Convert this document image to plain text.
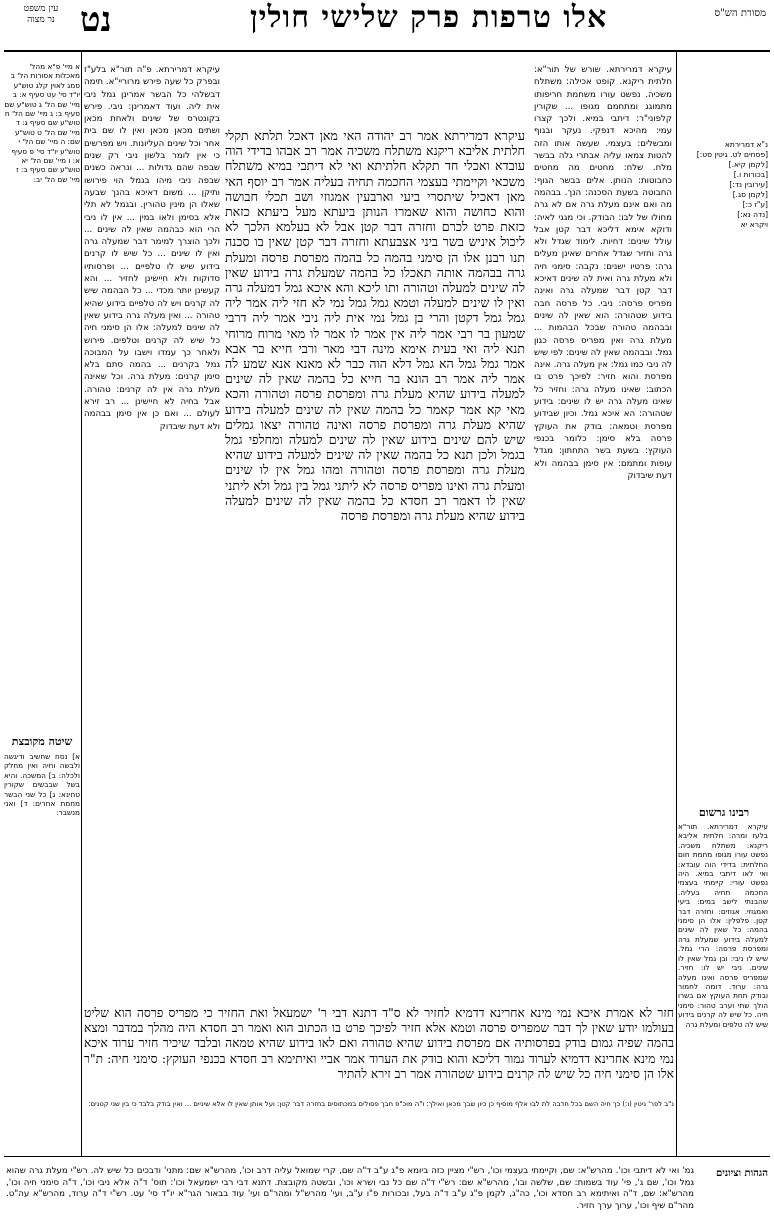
עין משפט
נר מצוה	נט	אלו טרפות פרק שלישי חולין	מסורת הש"ס
א מיי' פ"א מהל' מאכלות אסורות הל' ב סמג לאוין קלג טוש"ע יו"ד סי' עט סעיף א: ב מיי' שם הל' ג טוש"ע שם סעיף ב: ג מיי' שם הל' ח טוש"ע שם סעיף ג: ד מיי' שם הל' ט טוש"ע שם: ה מיי' שם הל' י טוש"ע יו"ד סי' פ סעיף א: ו מיי' שם הל' יא טוש"ע שם סעיף ב: ז מיי' שם הל' יב:
שיטה מקובצת
א] נסח שחשיב ודיגשה ולבשה וחיה ואין מחלק ולכלה: ב] המשכה. והיא בשל שבבשים שקורין טחינא: ג] כל שני הבשר מחמת אחרים: ד] ואני מנשבר:
עיקרא דמרירתא. פ"ה תור"א בלע"ז ובפרק כל שעה פירש מרוריי"א. תימה דבשלהי כל הבשר אמרינן גמל ניבי אית ליה. ועוד דאמרינן: ניבי. פירש בקונטרס של שינים ולאחת מכאן ושתים מכאן מכאן ואין לו שם בית אחר וכל שינים העליונות. ויש מפרשים כי אין לומר בלשון ניבי רק שנים שבפה שהם גדולות ... ונראה כשנים שבפה ניבי מיהו בגמל הוי פירושו ותיקן ... משום דאיכא בהנך שבעה שאלו הן מינין טהורין. ובגמל לא תלי אלא בסימן ולאו במין ... אין לו ניבי הרי הוא כבהמה שאין לה שינים ... ולכך הוצרך למימר דבר שמעלה גרה ואין לו שינים ... כל שיש לו קרנים בידוע שיש לו טלפיים ... ופרסותיו סדוקות ולא חיישינן לחזיר ... והא קעשינן יותר מכדי ... כל הבהמה שיש לה קרנים ויש לה טלפיים בידוע שהיא טהורה ... ואין מעלה גרה בידוע שאין לה שינים למעלה: אלו הן סימני חיה כל שיש לה קרנים וטלפים. פירוש ולאחר כך עמדו וישבו על המבוכה גמל בקרנים ... בהמה סתם בלא סימן קרנים: מעלת גרה. וכל שאינה מעלת גרה אין לה קרנים: טהורה. אבל בחיה לא חיישינן ... רב זירא לעולם ... ואם כן אין סימן בבהמה ולא דעת שיבדוק

עיקרא דמרירתא אמר רב יהודה האי מאן דאכל תלתא תקלי חלתית אליבא ריקנא משתלח משכיה אמר רב אבהו בדידי הוה עובדא ואכלי חד תקלא חלתיתא ואי לא דיתבי במיא משתלח משכאי וקיימתי בעצמי החכמה תחיה בעליה אמר רב יוסף האי מאן דאכיל שיתסרי ביעי וארבעין אמגוזי ושב תכלי חבושה והוא כחושה והוא שאמרו הנותן ביעתא מעל ביעתא כזאת כזאת פרט לכרם וחזרה דבר קטן אבל לא בעלמא הלכך לא ליכול איניש בשר ביני אצבעתא וחזרה דבר קטן שאין בו סכנה תנו רבנן אלו הן סימני בהמה כל בהמה מפרסת פרסה ומעלת גרה בבהמה אותה תאכלו כל בהמה שמעלת גרה בידוע שאין לה שינים למעלה וטהורה ותו ליכא והא איכא גמל דמעלה גרה ואין לו שינים למעלה וטמא גמל גמל נמי לא חזי ליה אמר ליה גמל גמל דקטן והרי בן גמל נמי אית ליה ניבי אמר ליה דרבי שמעון בר רבי אמר ליה אין אמר לו אמר לו מאי מרוח מרוחי תנא ליה ואי בעית אימא מינה דבי מאר ורבי חייא בר אבא אמר גמל גמל הא גמל דלא הוה כבר לא מאנא אנא שמע לה אמר ליה אמר רב הונא בר חייא כל בהמה שאין לה שינים למעלה בידוע שהיא מעלת גרה ומפרסת פרסה וטהורה והכא מאי קא אמר קאמר כל בהמה שאין לה שינים למעלה בידוע שהיא מעלת גרה ומפרסת פרסה ואינה טהורה יצאו גמלים שיש להם שינים בידוע שאין לה שינים למעלה ומחלפי גמל בגמל ולכן תנא כל בהמה שאין לה שינים למעלה בידוע שהיא מעלת גרה ומפרסת פרסה וטהורה ומהו גמל אין לו שינים ומעלת גרה ואינו מפריס פרסה לא ליתני גמל בין גמל ולא ליתני שאין לו דאמר רב חסדא כל בהמה שאין לה שינים למעלה בידוע שהיא מעלת גרה ומפרסת פרסה

עיקרא דמרירתא. שורש של תור"א: חלתית ריקנא. קופט אכילה: משתלח משכיה. נפשט עורו משחמת חריפותו מתמוגג ומתחמם מגופו ... שקורין קלפוני"ר: דיתבי במיא. ולכך קצרו עמי: מהיכא דנפקי. נעקר ובגוף ומבשלים: בעצמי. שעשה אותו הזה להטות צמאו עליה אבתרי גלה בבשר מלח. שלח: מחטים מה מחטים כחבוטות: הנותן. אלים בבשר הגוף: החבוטה בשעת הסכנה: הנך. בבהמה מה ואם אינם מעלת גרה אם לא גרה מחולו של לבו: הבודק. וכי מגגי לאיה: ודוקא אימא דליכא דבר קטן אבל עולל שינים: דחיות. לימוד שגדל ולא גרה וחזיר שגדל אחרים שאינן מעלים גרה: פרטיו ישנים: נקבה: סימני חיה ולא מעלת גרה ואית לה שינים דאיכא דבר קטן דבר שמעלה גרה ואינה מפריס פרסה: ניבי. כל פרסה חבה בידוע שטהורה: הוא שאין לה שינים ובבהמה טהורה שבכל הבהמות ... מעלת גרה ואין מפריס פרסה כגון גמל. ובבהמה שאין לה שינים: לפי שיש לה ניבי כמו גמל: אין מעלה גרה. אינה מפרסת והוא חזיר: לפיכך פרט בו הכתוב: שאינו מעלה גרה: וחזיר כל שאינו מעלה גרה יש לו שינים: בידוע שטהורה: הא איכא גמל. וכיון שבידוע מפרסת וטמאה: בודק את העוקץ פרסה בלא סימן: כלומר בכנפי העוקץ: בשעת בשר התחתון: מגדל עופות ומתמם: אין סימן בבהמה ולא דעת שיבדוק
נ"א דמרירתא
[פסחים לט. גיטין סט:]
[לקמן קיא.]
[בכורות ו.]
[עירובין נד:]
[לקמן סג.]
[ע"ז כ:]
[נדה נא:]
ויקרא יא
רבינו גרשום
עיקרא דמרירתא. תור"א בלעז ומרה: חלתית אליבא ריקנא: משתלח משכיה. נפשט עורו מגופו מחמת חום החלתית: בדידי הוה עובדא: ואי לאו דיתבי במיא. היה נפשט עורי: קיימתי בעצמי החכמה תחיה בעליה. שהבנתי לישב במים: ביעי ואמגוזי. אגוזים: וחזרה דבר קטן. פלפלין: אלו הן סימני בהמה: כל שאין לה שינים למעלה בידוע שמעלת גרה ומפרסת פרסה: הרי גמל. שיש לו ניבי: ובן גמל שאין לו שינים. ניבי יש לו: חזיר. שמפריס פרסה ואינו מעלה גרה: ערוד. דומה לחמור ובודק תחת העוקץ אם בשרו הולך שתי וערב טהור: סימני חיה. כל שיש לה קרנים בידוע שיש לה טלפים ומעלת גרה

חזר לא אמרת איכא נמי מינא אחרינא דדמיא לחזיר לא ס"ד דתנא דבי ר' ישמעאל ואת החזיר כי מפריס פרסה הוא שליט בעולמו יודע שאין לך דבר שמפריס פרסה וטמא אלא חזיר לפיכך פרט בו הכתוב הוא ואמר רב חסדא היה מהלך במדבר ומצא בהמה שפיה גמום בודק בפרסותיה אם מפרסת בידוע שהיא טהורה ואם לאו בידוע שהיא טמאה ובלבד שיכיר חזיר ערוד איכא נמי מינא אחרינא דדמיא לערוד גמור דליכא והוא בודק את הערוד אמר אביי ואיתימא רב חסדא בכנפי העוקץ: סימני חיה: ת"ר אלו הן סימני חיה כל שיש לה קרנים בידוע שטהורה אמר רב זירא להתיר

נ"ב לפר' גיטין (ו:) כך חיה השם בכל חדבה לת לבו אלף מוסיף כן כיון שבך מכאן ואילך: ו"ה מוכ"פ חבך פסולים במכתוסים בחזרה דבר קטן: ועל אותן שאין לו אלא שיניים ... ואין בודק בלבד כי בין שני קטנים:
הגהות וציונים
גמ' ואי לא דיתבי וכו'. מהרש"א: שם, וקיימתי בעצמי וכו', רש"י מציין כזה ביומא פ"ג ע"ב ד"ה שם, קרי שמואל עליה דרב וכו', מהרש"א שם: מתני' ודבכים כל שיש לה. רש"י מעלת גרה שהוא גמל וכו', שם ג', פי' עוד בשמות: שם, שלשה ובו', מהרש"א שם: רש"י ד"ה שם כל נבי ושרא וכו', ובשטה מקובצת. דתנא דבי רבי ישמעאל וכו': תוס' ד"ה אלא ניבי וכו', ד"ה סימני חיה וכו', מהרש"א: שם, ד"ה ואיתימא רב חסדא וכו', כה"ג, לקמן פ"ג ע"ב ד"ה בעל, ובכורות פ"ו ע"ב, ועי' מהרש"ל ומהר"ם ועי' עוד בבאור הגר"א יו"ד סי' עט. רש"י ד"ה ערוד, מהרש"א עה"ט. מהר"ם שיף וכו', ערוך ערך חזיר.
